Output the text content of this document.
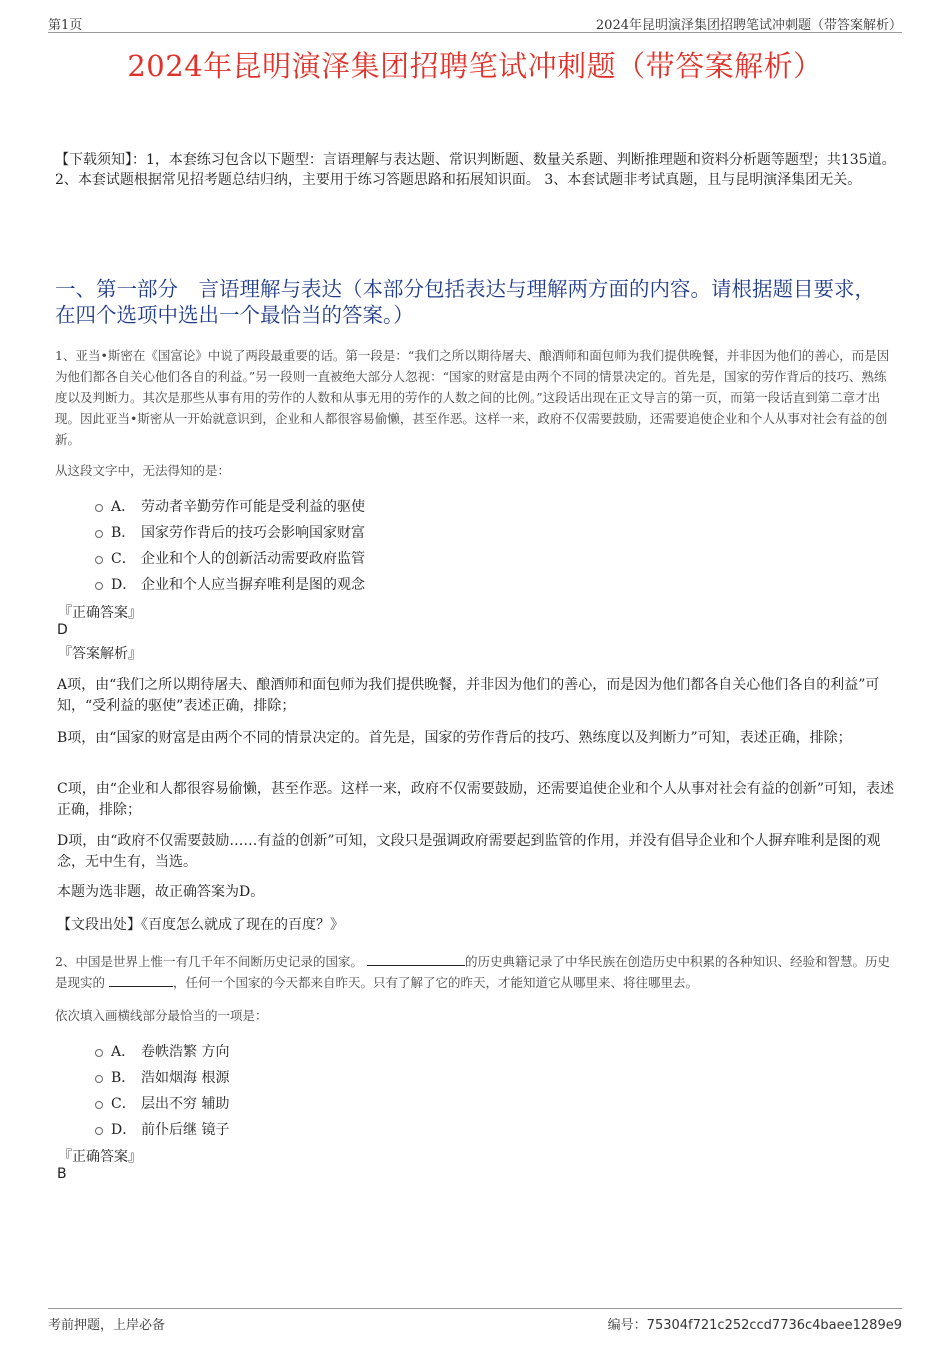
第1页	2024年昆明演泽集团招聘笔试冲刺题（带答案解析）
2024年昆明演泽集团招聘笔试冲刺题（带答案解析）
【下载须知】：1，本套练习包含以下题型：言语理解与表达题、常识判断题、数量关系题、判断推理题和资料分析题等题型；共135道。 2、本套试题根据常见招考题总结归纳，主要用于练习答题思路和拓展知识面。 3、本套试题非考试真题，且与昆明演泽集团无关。
一、第一部分　言语理解与表达（本部分包括表达与理解两方面的内容。请根据题目要求，在四个选项中选出一个最恰当的答案。）
1、亚当•斯密在《国富论》中说了两段最重要的话。第一段是：“我们之所以期待屠夫、酿酒师和面包师为我们提供晚餐，并非因为他们的善心，而是因为他们都各自关心他们各自的利益。”另一段则一直被绝大部分人忽视：“国家的财富是由两个不同的情景决定的。首先是，国家的劳作背后的技巧、熟练度以及判断力。其次是那些从事有用的劳作的人数和从事无用的劳作的人数之间的比例。”这段话出现在正文导言的第一页，而第一段话直到第二章才出现。因此亚当•斯密从一开始就意识到，企业和人都很容易偷懒，甚至作恶。这样一来，政府不仅需要鼓励，还需要追使企业和个人从事对社会有益的创新。
从这段文字中，无法得知的是：
A． 劳动者辛勤劳作可能是受利益的驱使
B． 国家劳作背后的技巧会影响国家财富
C． 企业和个人的创新活动需要政府监管
D． 企业和个人应当摒弃唯利是图的观念
『正确答案』
D
『答案解析』
A项，由“我们之所以期待屠夫、酿酒师和面包师为我们提供晚餐，并非因为他们的善心，而是因为他们都各自关心他们各自的利益”可知，“受利益的驱使”表述正确，排除；
B项，由“国家的财富是由两个不同的情景决定的。首先是，国家的劳作背后的技巧、熟练度以及判断力”可知，表述正确，排除；
C项，由“企业和人都很容易偷懒，甚至作恶。这样一来，政府不仅需要鼓励，还需要追使企业和个人从事对社会有益的创新”可知，表述正确，排除；
D项，由“政府不仅需要鼓励……有益的创新”可知，文段只是强调政府需要起到监管的作用，并没有倡导企业和个人摒弃唯利是图的观念，无中生有，当选。
本题为选非题，故正确答案为D。
【文段出处】《百度怎么就成了现在的百度？》
2、中国是世界上惟一有几千年不间断历史记录的国家。	的历史典籍记录了中华民族在创造历史中积累的各种知识、经验和智慧。历史是现实的	，任何一个国家的今天都来自昨天。只有了解了它的昨天，才能知道它从哪里来、将往哪里去。
依次填入画横线部分最恰当的一项是：
A． 卷帙浩繁 方向
B． 浩如烟海 根源
C． 层出不穷 辅助
D． 前仆后继 镜子
『正确答案』
B
考前押题，上岸必备	编号：75304f721c252ccd7736c4baee1289e9
